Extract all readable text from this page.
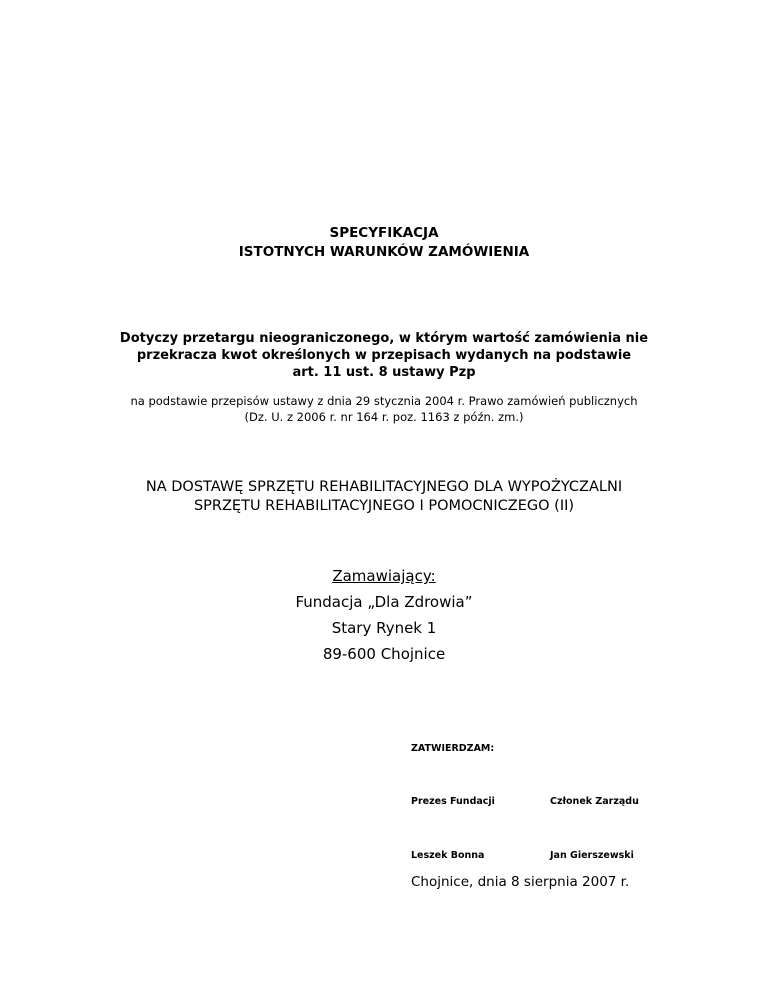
SPECYFIKACJA
ISTOTNYCH WARUNKÓW ZAMÓWIENIA
Dotyczy przetargu nieograniczonego, w którym wartość zamówienia nie
przekracza kwot określonych w przepisach wydanych na podstawie
art. 11 ust. 8 ustawy Pzp
na podstawie przepisów ustawy z dnia 29 stycznia 2004 r. Prawo zamówień publicznych
(Dz. U. z 2006 r. nr 164 r. poz. 1163 z późn. zm.)
NA DOSTAWĘ SPRZĘTU REHABILITACYJNEGO DLA WYPOŻYCZALNI
SPRZĘTU REHABILITACYJNEGO I POMOCNICZEGO (II)
Zamawiający:
Fundacja „Dla Zdrowia”
Stary Rynek 1
89-600 Chojnice
ZATWIERDZAM:
Prezes Fundacji	Członek Zarządu
Leszek Bonna	Jan Gierszewski
Chojnice, dnia 8 sierpnia 2007 r.
